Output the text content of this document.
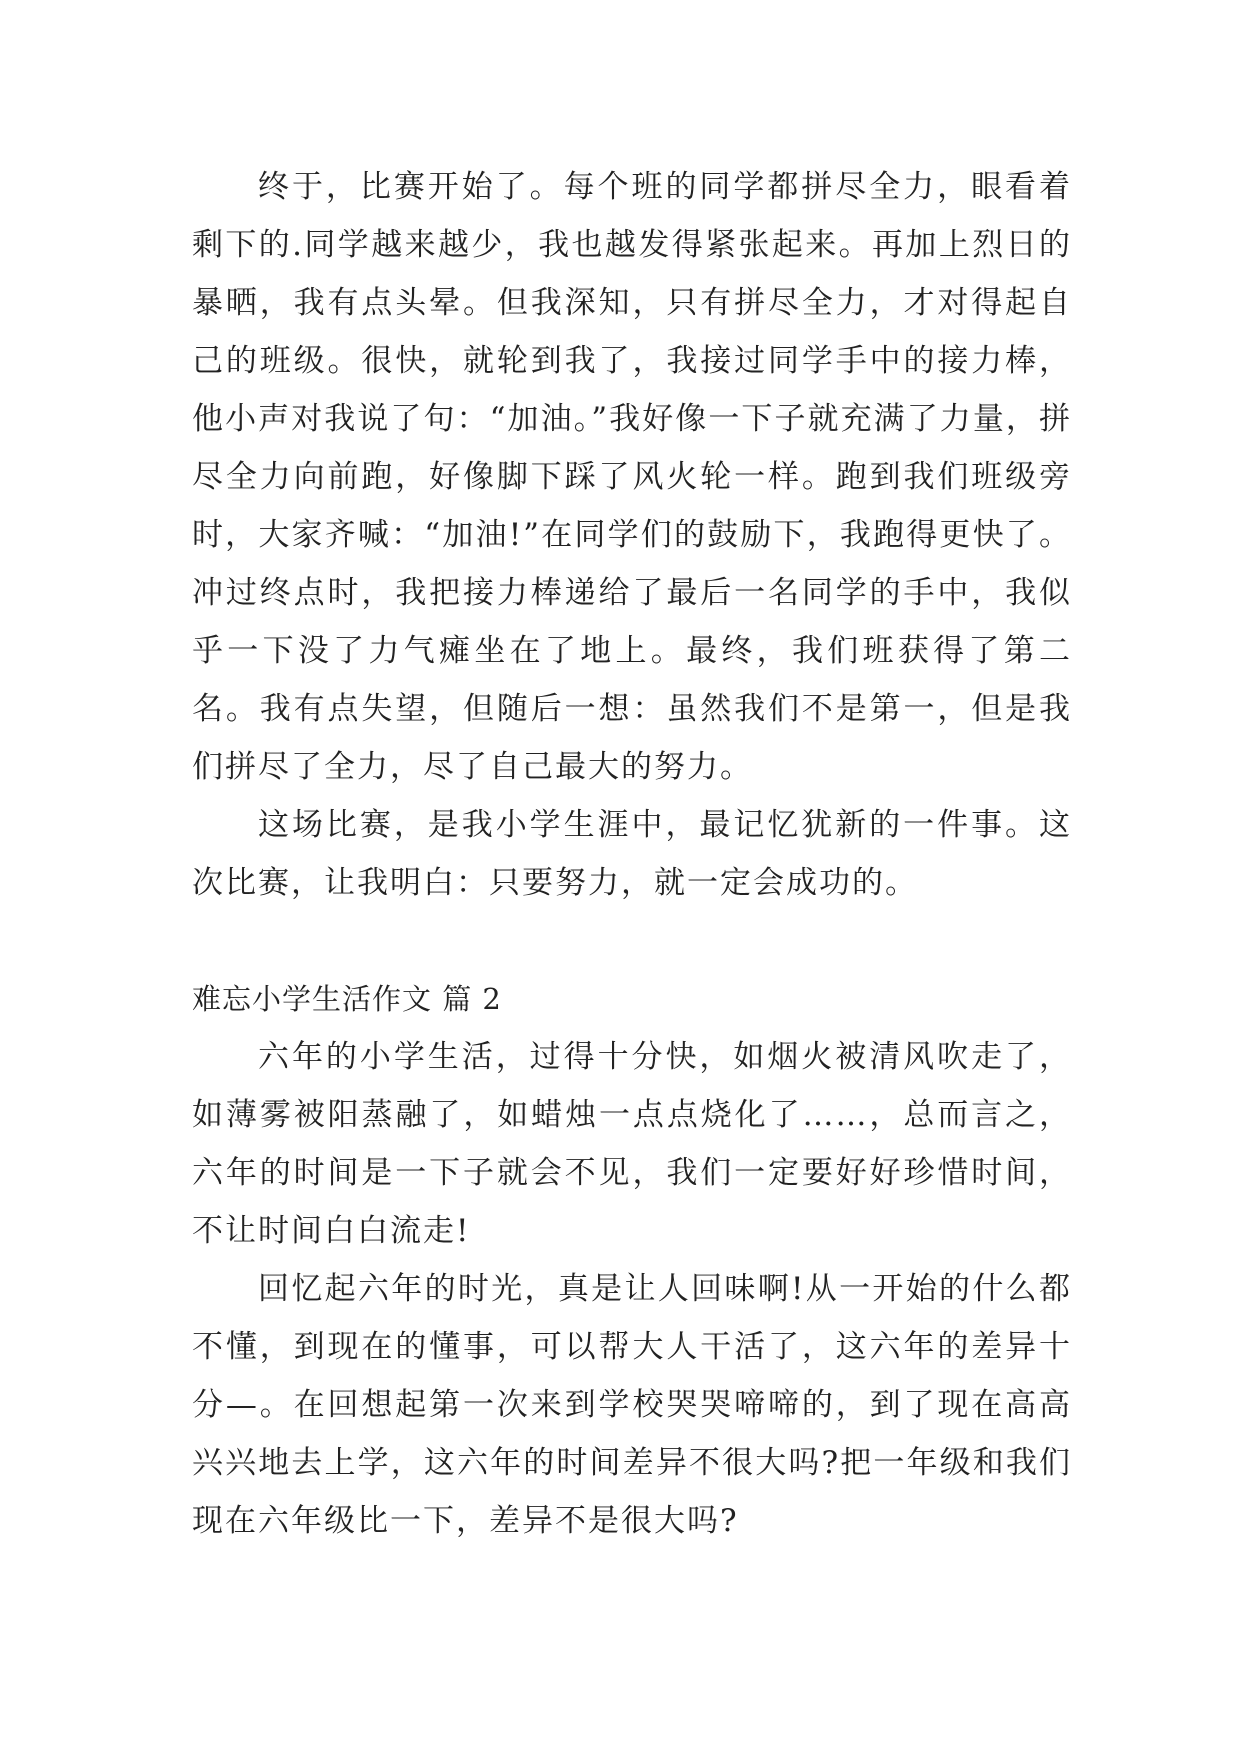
终于，比赛开始了。每个班的同学都拼尽全力，眼看着剩下的.同学越来越少，我也越发得紧张起来。再加上烈日的暴晒，我有点头晕。但我深知，只有拼尽全力，才对得起自己的班级。很快，就轮到我了，我接过同学手中的接力棒，他小声对我说了句：“加油。”我好像一下子就充满了力量，拼尽全力向前跑，好像脚下踩了风火轮一样。跑到我们班级旁时，大家齐喊：“加油!”在同学们的鼓励下，我跑得更快了。冲过终点时，我把接力棒递给了最后一名同学的手中，我似乎一下没了力气瘫坐在了地上。最终，我们班获得了第二名。我有点失望，但随后一想：虽然我们不是第一，但是我们拼尽了全力，尽了自己最大的努力。

这场比赛，是我小学生涯中，最记忆犹新的一件事。这次比赛，让我明白：只要努力，就一定会成功的。

难忘小学生活作文 篇 2

六年的小学生活，过得十分快，如烟火被清风吹走了，如薄雾被阳蒸融了，如蜡烛一点点烧化了……，总而言之，六年的时间是一下子就会不见，我们一定要好好珍惜时间，不让时间白白流走!

回忆起六年的时光，真是让人回味啊!从一开始的什么都不懂，到现在的懂事，可以帮大人干活了，这六年的差异十分—。在回想起第一次来到学校哭哭啼啼的，到了现在高高兴兴地去上学，这六年的时间差异不很大吗?把一年级和我们现在六年级比一下，差异不是很大吗?
